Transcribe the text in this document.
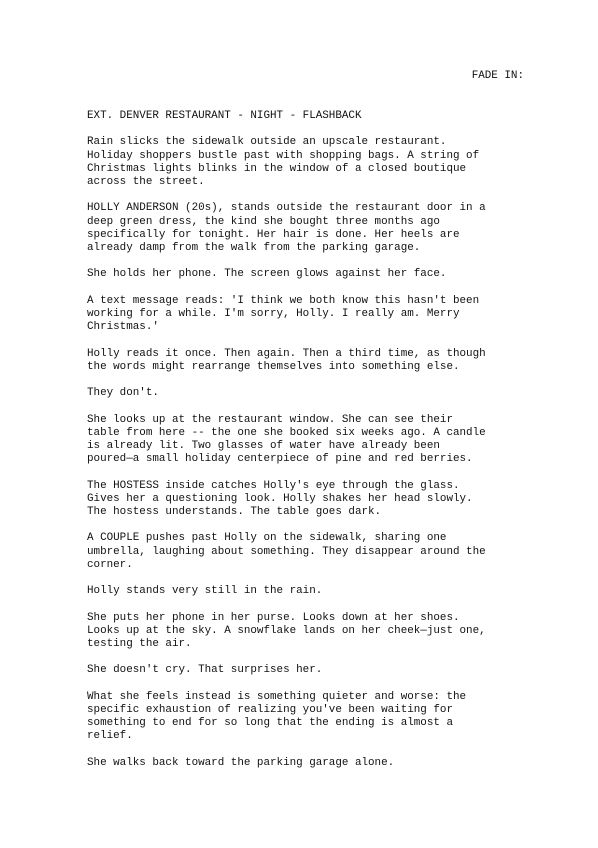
FADE IN:

EXT. DENVER RESTAURANT - NIGHT - FLASHBACK

Rain slicks the sidewalk outside an upscale restaurant.
Holiday shoppers bustle past with shopping bags. A string of
Christmas lights blinks in the window of a closed boutique
across the street.

HOLLY ANDERSON (20s), stands outside the restaurant door in a
deep green dress, the kind she bought three months ago
specifically for tonight. Her hair is done. Her heels are
already damp from the walk from the parking garage.

She holds her phone. The screen glows against her face.

A text message reads: 'I think we both know this hasn't been
working for a while. I'm sorry, Holly. I really am. Merry
Christmas.'

Holly reads it once. Then again. Then a third time, as though
the words might rearrange themselves into something else.

They don't.

She looks up at the restaurant window. She can see their
table from here -- the one she booked six weeks ago. A candle
is already lit. Two glasses of water have already been
poured—a small holiday centerpiece of pine and red berries.

The HOSTESS inside catches Holly's eye through the glass.
Gives her a questioning look. Holly shakes her head slowly.
The hostess understands. The table goes dark.

A COUPLE pushes past Holly on the sidewalk, sharing one
umbrella, laughing about something. They disappear around the
corner.

Holly stands very still in the rain.

She puts her phone in her purse. Looks down at her shoes.
Looks up at the sky. A snowflake lands on her cheek—just one,
testing the air.

She doesn't cry. That surprises her.

What she feels instead is something quieter and worse: the
specific exhaustion of realizing you've been waiting for
something to end for so long that the ending is almost a
relief.

She walks back toward the parking garage alone.
